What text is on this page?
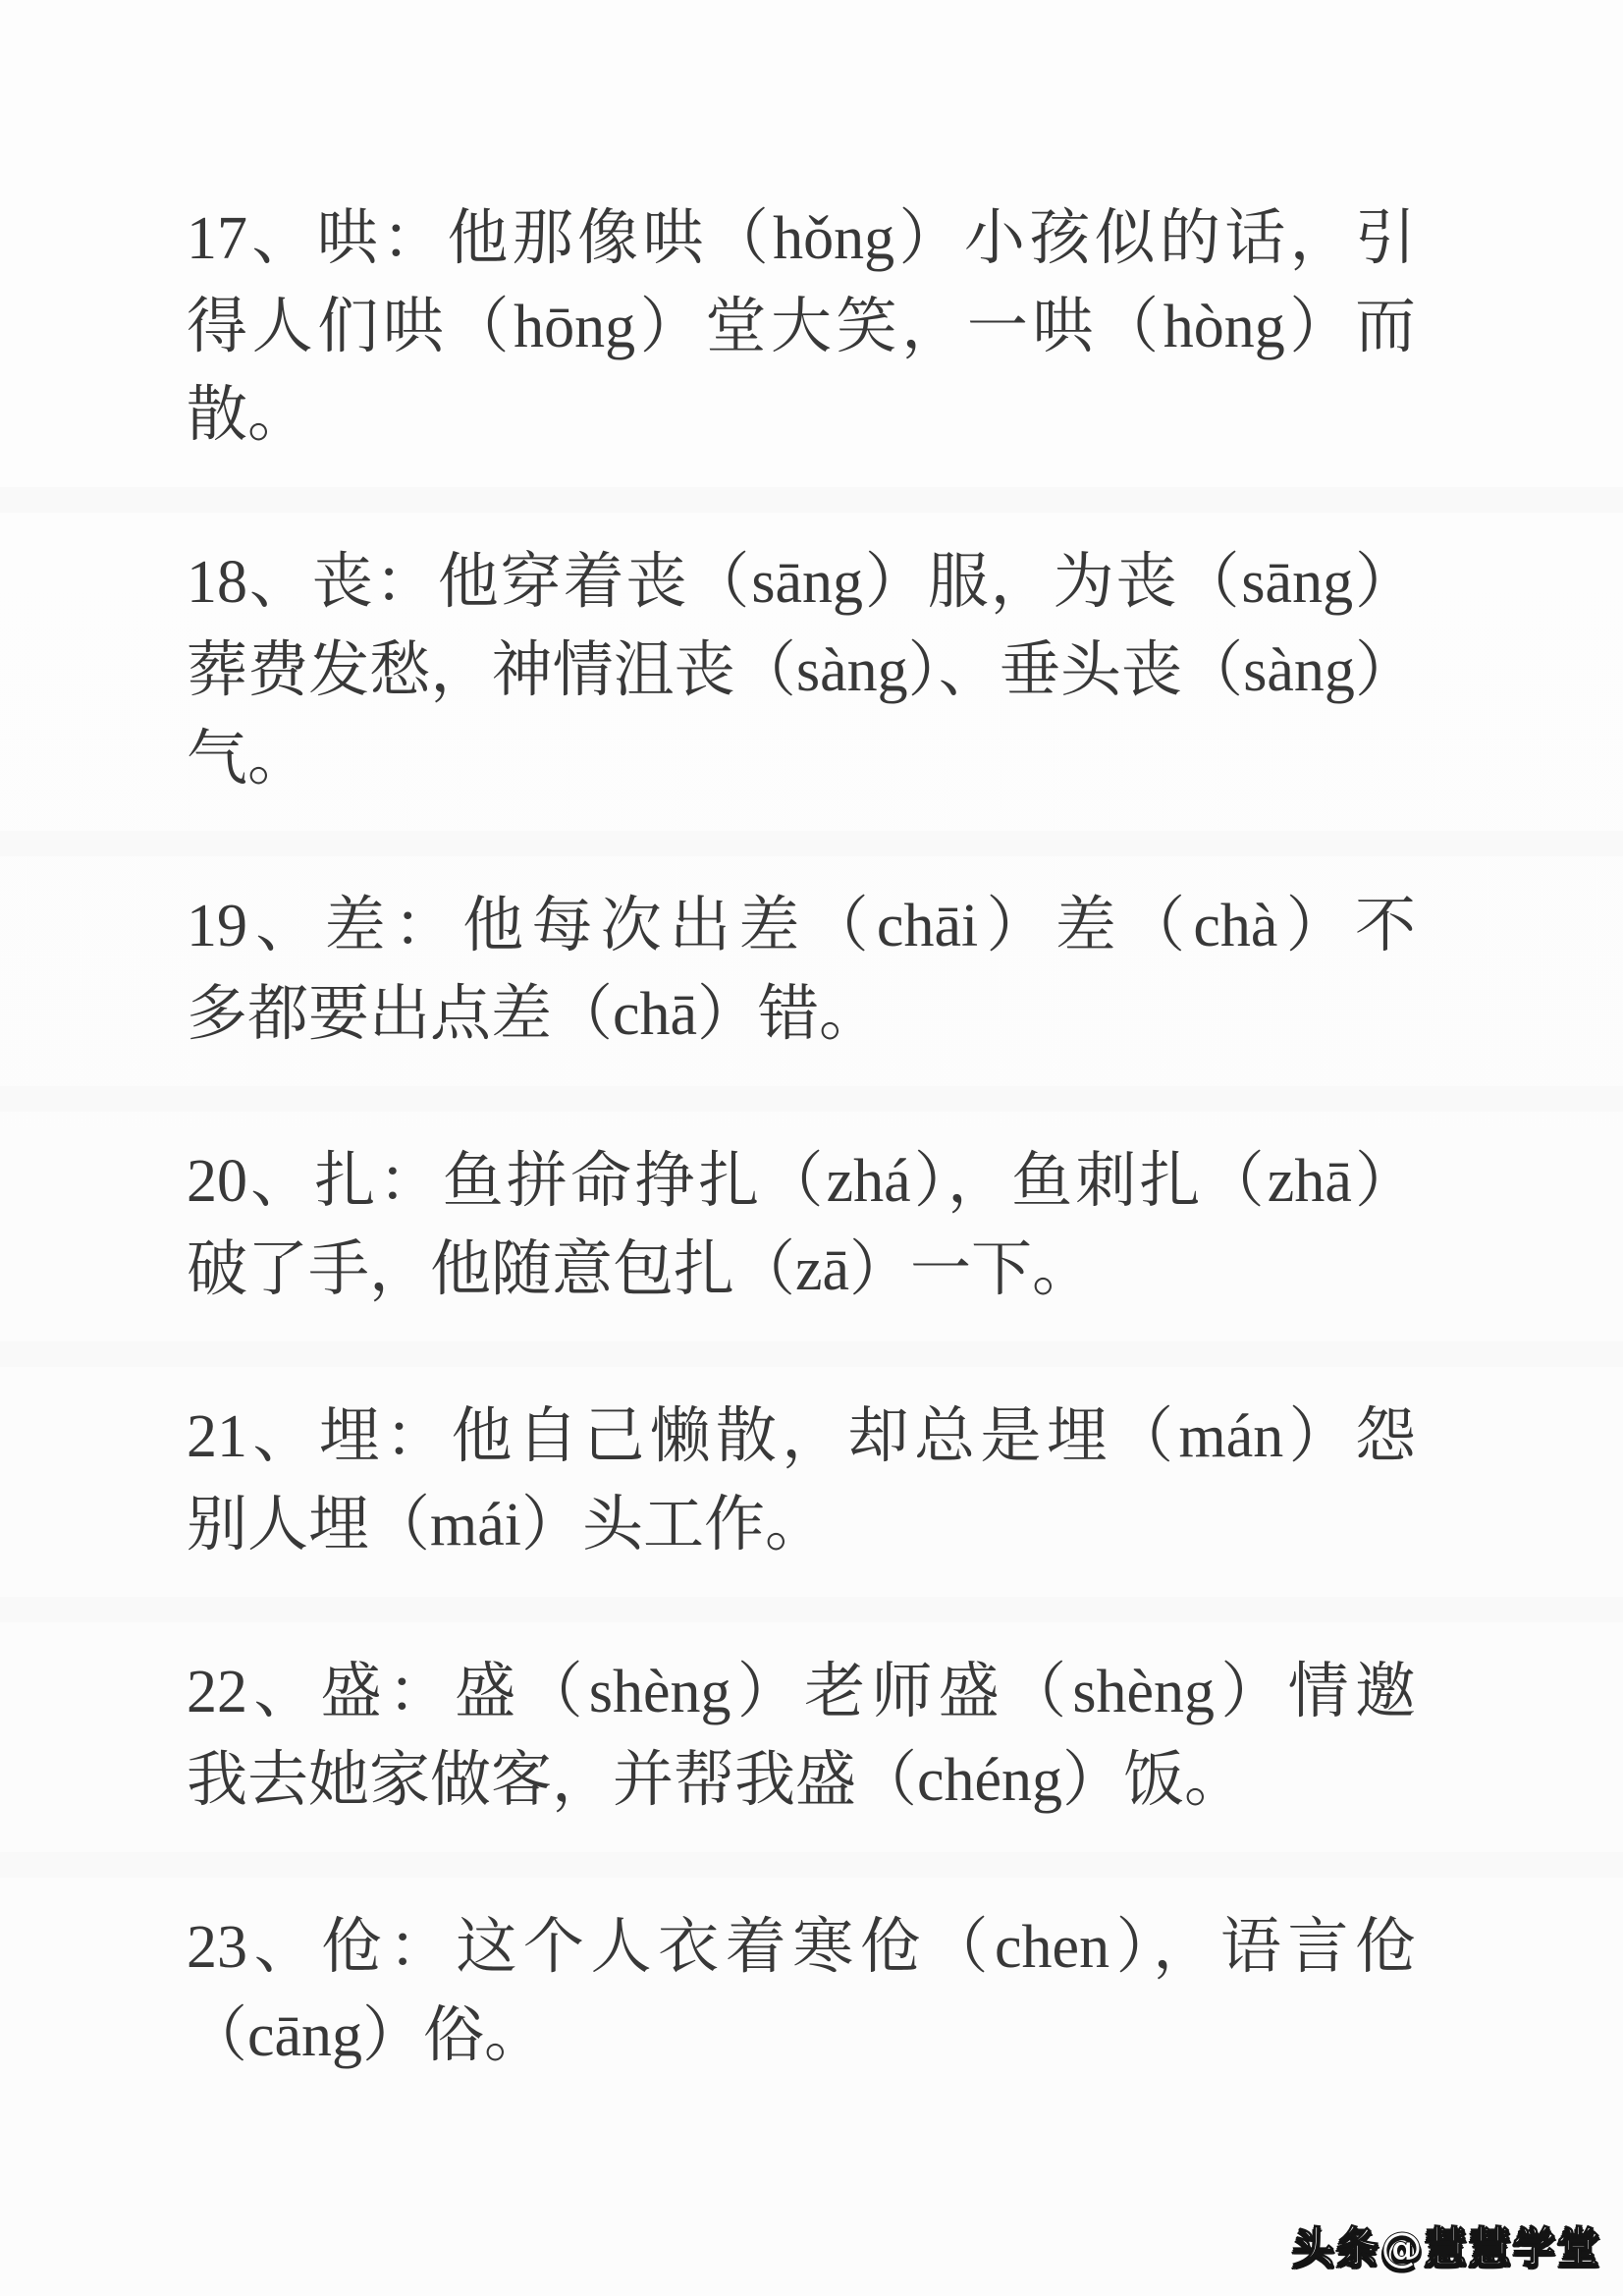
17、哄：他那像哄（hǒng）小孩似的话，引
得人们哄（hōng）堂大笑，一哄（hòng）而
散。
18、丧：他穿着丧（sāng）服，为丧（sāng）
葬费发愁，神情沮丧（sàng）、垂头丧（sàng）
气。
19、差：他每次出差（chāi）差（chà）不
多都要出点差（chā）错。
20、扎：鱼拼命挣扎（zhá），鱼刺扎（zhā）
破了手，他随意包扎（zā）一下。
21、埋：他自己懒散，却总是埋（mán）怨
别人埋（mái）头工作。
22、盛：盛（shèng）老师盛（shèng）情邀
我去她家做客，并帮我盛（chéng）饭。
23、伧：这个人衣着寒伧（chen），语言伧
（cāng）俗。
头条@慧慧学堂
